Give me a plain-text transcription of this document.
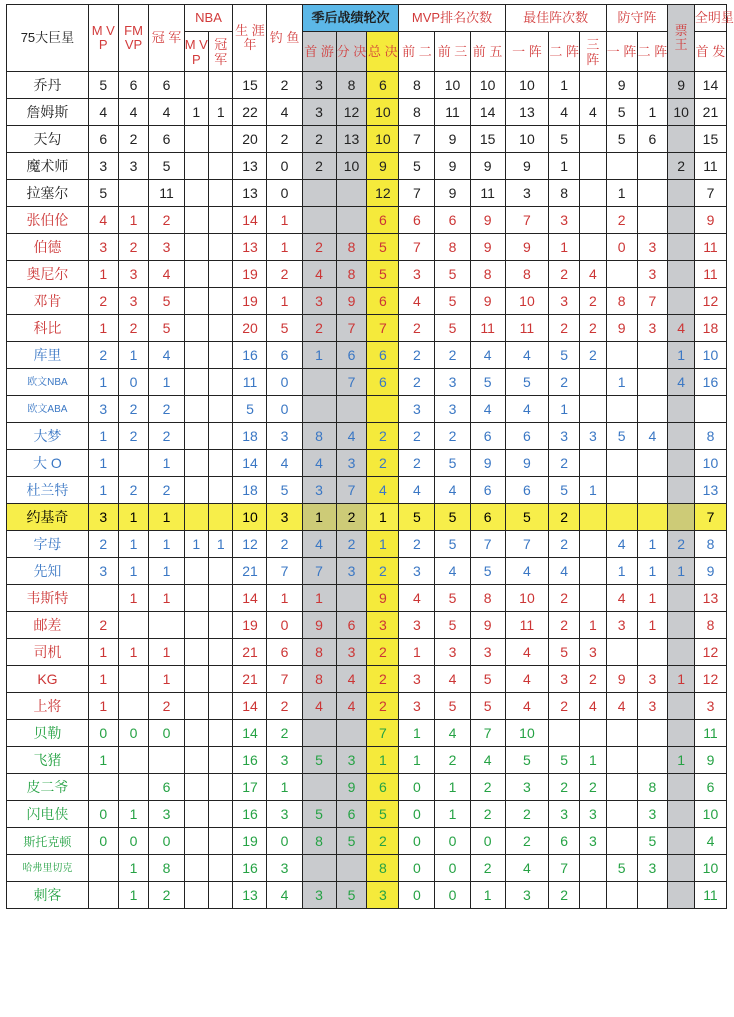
75大巨星	M V P	FM VP	冠 军	NBA		生 涯 年	钓 鱼	季后战绩轮次			MVP排名次数			最佳阵次数			防守阵		票 王	全明星
				M V P	冠 军			首 游	分 决	总 决	前 二	前 三	前 五	一 阵	二 阵	三 阵	一 阵	二 阵		首 发
乔丹	5	6	6			15	2	3	8	6	8	10	10	10	1		9		9	14
詹姆斯	4	4	4	1	1	22	4	3	12	10	8	11	14	13	4	4	5	1	10	21
天勾	6	2	6			20	2	2	13	10	7	9	15	10	5		5	6		15
魔术师	3	3	5			13	0	2	10	9	5	9	9	9	1				2	11
拉塞尔	5		11			13	0			12	7	9	11	3	8		1			7
张伯伦	4	1	2			14	1			6	6	6	9	7	3		2			9
伯德	3	2	3			13	1	2	8	5	7	8	9	9	1		0	3		11
奥尼尔	1	3	4			19	2	4	8	5	3	5	8	8	2	4		3		11
邓肯	2	3	5			19	1	3	9	6	4	5	9	10	3	2	8	7		12
科比	1	2	5			20	5	2	7	7	2	5	11	11	2	2	9	3	4	18
库里	2	1	4			16	6	1	6	6	2	2	4	4	5	2			1	10
欧文NBA	1	0	1			11	0		7	6	2	3	5	5	2		1		4	16
欧文ABA	3	2	2			5	0				3	3	4	4	1					
大梦	1	2	2			18	3	8	4	2	2	2	6	6	3	3	5	4		8
大 O	1		1			14	4	4	3	2	2	5	9	9	2					10
杜兰特	1	2	2			18	5	3	7	4	4	4	6	6	5	1				13
约基奇	3	1	1			10	3	1	2	1	5	5	6	5	2					7
字母	2	1	1	1	1	12	2	4	2	1	2	5	7	7	2		4	1	2	8
先知	3	1	1			21	7	7	3	2	3	4	5	4	4		1	1	1	9
韦斯特		1	1			14	1	1		9	4	5	8	10	2		4	1		13
邮差	2					19	0	9	6	3	3	5	9	11	2	1	3	1		8
司机	1	1	1			21	6	8	3	2	1	3	3	4	5	3				12
KG	1		1			21	7	8	4	2	3	4	5	4	3	2	9	3	1	12
上将	1		2			14	2	4	4	2	3	5	5	4	2	4	4	3		3
贝勒	0	0	0			14	2			7	1	4	7	10						11
飞猪	1					16	3	5	3	1	1	2	4	5	5	1			1	9
皮二爷			6			17	1		9	6	0	1	2	3	2	2		8		6
闪电侠	0	1	3			16	3	5	6	5	0	1	2	2	3	3		3		10
斯托克顿	0	0	0			19	0	8	5	2	0	0	0	2	6	3		5		4
哈弗里切克		1	8			16	3			8	0	0	2	4	7		5	3		10
刺客		1	2			13	4	3	5	3	0	0	1	3	2					11
